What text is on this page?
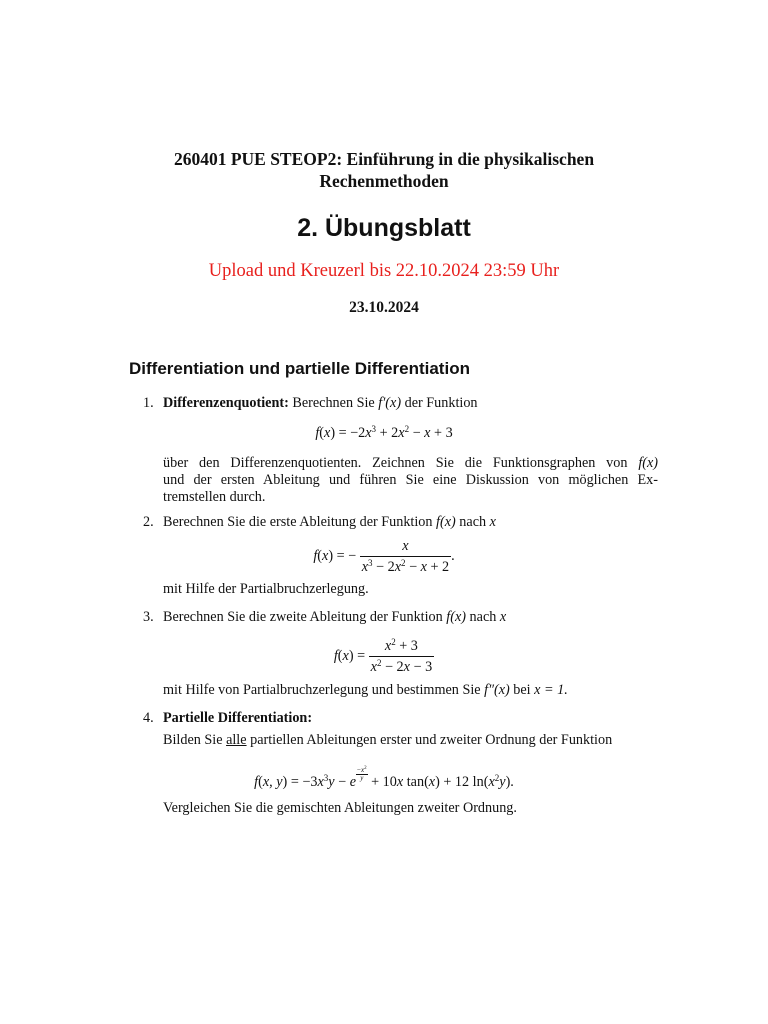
260401 PUE STEOP2: Einführung in die physikalischen
Rechenmethoden
2. Übungsblatt
Upload und Kreuzerl bis 22.10.2024 23:59 Uhr
23.10.2024
Differentiation und partielle Differentiation
1. Differenzenquotient: Berechnen Sie f′(x) der Funktion
$f(x) = -2x^3 + 2x^2 - x + 3$
über den Differenzenquotienten. Zeichnen Sie die Funktionsgraphen von f(x)
und der ersten Ableitung und führen Sie eine Diskussion von möglichen Ex-
tremstellen durch.
2. Berechnen Sie die erste Ableitung der Funktion f(x) nach x
f(x) = − $\frac{x}{x^3 - 2x^2 - x + 2}$ .
mit Hilfe der Partialbruchzerlegung.
3. Berechnen Sie die zweite Ableitung der Funktion f(x) nach x
$f(x) = \frac{x^2 + 3}{x^2 - 2x - 3}$
mit Hilfe von Partialbruchzerlegung und bestimmen Sie f″(x) bei x = 1.
4. Partielle Differentiation:
Bilden Sie alle partiellen Ableitungen erster und zweiter Ordnung der Funktion
f(x, $y) = -3x^3y - e \frac{-x^2}{y} + 10x$ tan(x) + 12 $\ln(x^2y)$.
Vergleichen Sie die gemischten Ableitungen zweiter Ordnung.
